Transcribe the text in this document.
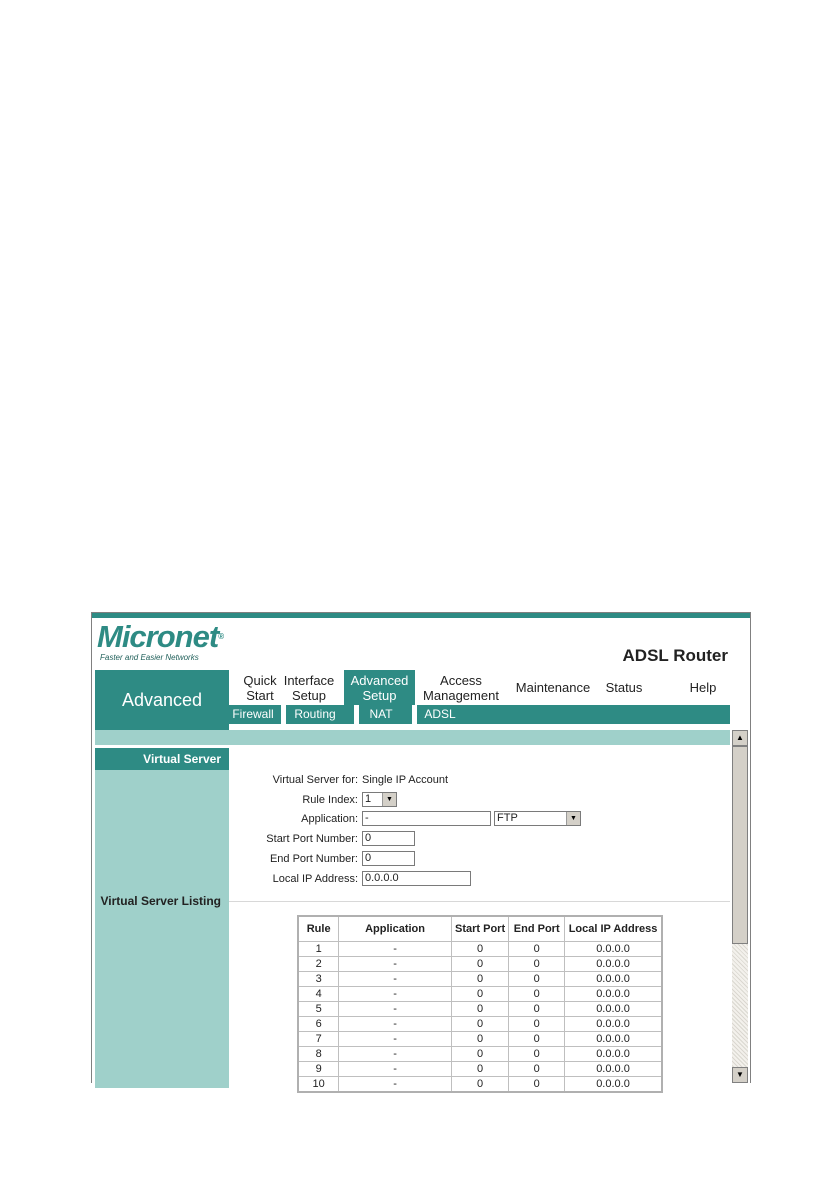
Micronet®
Faster and Easier Networks	ADSL Router
Advanced
Quick
Start
Interface
Setup
Advanced
Setup
Access
Management Maintenance Status	Help
Firewall	Routing	NAT	ADSL
Virtual Server
Virtual Server Listing
Virtual Server for: Single IP Account
Rule Index: 1	▼
Application: -	FTP	▼
Start Port Number: 0
End Port Number: 0
Local IP Address: 0.0.0.0
Rule	Application	Start Port	End Port	Local IP Address
1	-	0	0	0.0.0.0
2	-	0	0	0.0.0.0
3	-	0	0	0.0.0.0
4	-	0	0	0.0.0.0
5	-	0	0	0.0.0.0
6	-	0	0	0.0.0.0
7	-	0	0	0.0.0.0
8	-	0	0	0.0.0.0
9	-	0	0	0.0.0.0
10	-	0	0	0.0.0.0
▲
▼
